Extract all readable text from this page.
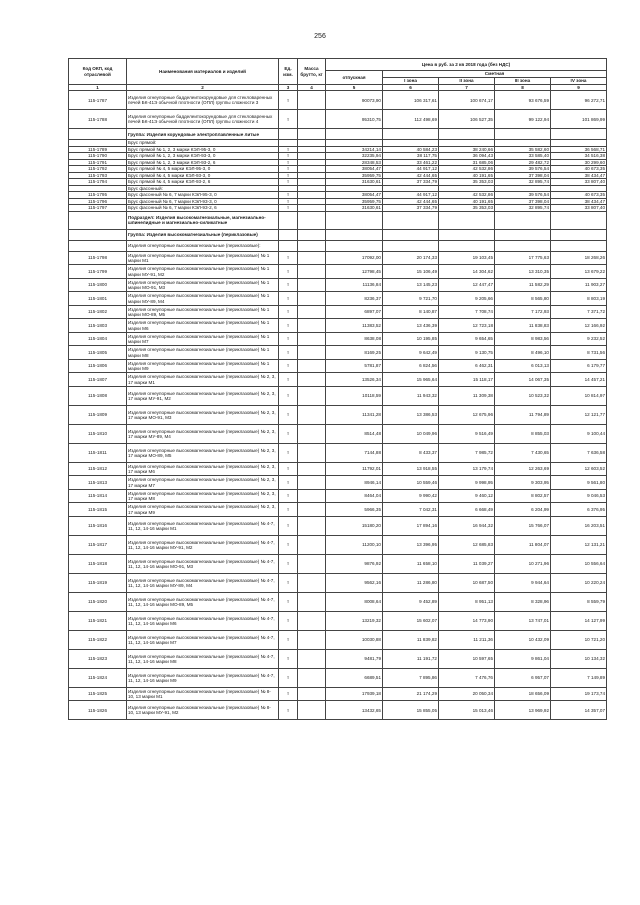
256
Код ОКП, код отраслевой	Наименования материалов и изделий	Ед. изм.	Масса брутто, кг	Цена в руб. за 2 кв 2018 года (без НДС)				
				отпускная	Сметная			
					I зона	II зона	III зона	IV зона
1	2	3	4	5	6	7	8	9
115-1787	Изделия огнеупорные бадделеитокорундовые для стекловаренных печей БК-41Э обычной плотности (ОПЛ) группы сложности 3	т		90073,90	106 317,61	100 674,17	93 676,59	96 272,71
115-1788	Изделия огнеупорные бадделеитокорундовые для стекловаренных печей БК-41Э обычной плотности (ОПЛ) группы сложности 4	т		95310,75	112 498,69	106 527,35	99 122,94	101 869,99
	Группа: Изделия корундовые электроплавленные литые							
	Брус прямой:							
115-1789	Брус прямой № 1, 2, 3 марки КЭЛ-95-3, 0	т		34214,14	40 584,23	38 240,66	35 582,60	36 568,71
115-1790	Брус прямой № 1, 2, 3 марки КЭЛ-93-3, 0	т		32235,94	38 117,75	36 094,43	33 585,40	34 516,38
115-1791	Брус прямой № 1, 2, 3 марки КЭЛ-93-2, 6	т		28348,53	33 461,22	31 685,06	29 482,72	30 299,60
115-1792	Брус прямой № 4, 5 марки КЭЛ-95-3, 0	т		38054,47	44 917,12	42 532,86	39 576,54	40 673,35
115-1793	Брус прямой № 4, 5 марки КЭЛ-93-3, 0	т		35959,75	42 444,65	40 191,65	37 398,04	38 434,47
115-1794	Брус прямой № 4, 5 марки КЭЛ-93-2, 6	т		31630,61	37 334,79	35 353,03	32 895,74	33 807,40
	Брус фасонный:							
115-1795	Брус фасонный № 6, 7 марки КЭЛ-95-3, 0	т		38054,47	44 917,12	42 532,86	39 576,54	40 673,35
115-1796	Брус фасонный № 6, 7 марки КЭЛ-93-3, 0	т		35959,75	42 444,65	40 191,65	37 398,04	38 434,47
115-1797	Брус фасонный № 6, 7 марки КЭЛ-93-2, 6	т		31630,61	37 334,79	35 353,03	32 895,74	33 807,40
	Подраздел: Изделия высокомагнезиальные, магнезиально-шпинелидные и магнезиально-силикатные							
	Группа: Изделия высокомагнезиальные (периклазовые)							
	Изделия огнеупорные высокомагнезиальные (периклазовые):							
115-1798	Изделия огнеупорные высокомагнезиальные (периклазовые) № 1 марки М1	т		17092,00	20 174,33	19 103,45	17 775,63	18 268,26
115-1799	Изделия огнеупорные высокомагнезиальные (периклазовые) № 1 марки МУ-91, М2	т		12798,45	15 106,49	14 304,62	13 310,35	13 679,22
115-1800	Изделия огнеупорные высокомагнезиальные (периклазовые) № 1 марки МО-91, М3	т		11136,84	13 145,23	12 447,47	11 582,29	11 903,27
115-1801	Изделия огнеупорные высокомагнезиальные (периклазовые) № 1 марки МУ-89, М4	т		8236,37	9 721,70	9 205,66	8 565,80	8 803,19
115-1802	Изделия огнеупорные высокомагнезиальные (периклазовые) № 1 марки МО-89, М5	т		6897,07	8 140,87	7 708,74	7 172,93	7 371,72
115-1803	Изделия огнеупорные высокомагнезиальные (периклазовые) № 1 марки М6	т		11383,52	13 436,39	12 723,18	11 838,83	12 166,92
115-1804	Изделия огнеупорные высокомагнезиальные (периклазовые) № 1 марки М7	т		8638,08	10 195,85	9 654,65	8 983,56	9 232,52
115-1805	Изделия огнеупорные высокомагнезиальные (периклазовые) № 1 марки М8	т		8169,25	9 642,49	9 130,75	8 496,10	8 731,56
115-1806	Изделия огнеупорные высокомагнезиальные (периклазовые) № 1 марки М9	т		5781,87	6 824,56	6 462,31	6 013,13	6 179,77
115-1807	Изделия огнеупорные высокомагнезиальные (периклазовые) № 2, 3, 17 марки М1	т		13526,34	15 965,64	15 118,17	14 067,35	14 457,21
115-1808	Изделия огнеупорные высокомагнезиальные (периклазовые) № 2, 3, 17 марки МУ-91, М2	т		10118,59	11 943,32	11 309,38	10 523,32	10 814,97
115-1809	Изделия огнеупорные высокомагнезиальные (периклазовые) № 2, 3, 17 марки МО-91, М3	т		11341,28	13 386,53	12 675,96	11 794,89	12 121,77
115-1810	Изделия огнеупорные высокомагнезиальные (периклазовые) № 2, 3, 17 марки МУ-89, М4	т		8514,48	10 049,96	9 516,49	8 855,03	9 100,44
115-1811	Изделия огнеупорные высокомагнезиальные (периклазовые) № 2, 3, 17 марки МО-89, М5	т		7144,88	8 433,37	7 985,72	7 430,65	7 636,58
115-1812	Изделия огнеупорные высокомагнезиальные (периклазовые) № 2, 3, 17 марки М6	т		11792,01	13 918,55	13 179,74	12 263,69	12 603,52
115-1813	Изделия огнеупорные высокомагнезиальные (периклазовые) № 2, 3, 17 марки М7	т		8946,14	10 559,46	9 998,95	9 303,95	9 561,80
115-1814	Изделия огнеупорные высокомагнезиальные (периклазовые) № 2, 3, 17 марки М8	т		8464,04	9 990,42	9 460,12	8 802,57	9 046,53
115-1815	Изделия огнеупорные высокомагнезиальные (периклазовые) № 2, 3, 17 марки М9	т		5966,35	7 042,31	6 668,49	6 204,99	6 376,95
115-1816	Изделия огнеупорные высокомагнезиальные (периклазовые) № 4-7, 11, 12, 14-16 марки М1	т		15180,20	17 894,16	16 944,32	15 766,07	16 203,51
115-1817	Изделия огнеупорные высокомагнезиальные (периклазовые) № 4-7, 11, 12, 14-16 марки МУ-91, М2	т		11200,10	13 396,95	12 685,83	11 804,07	12 131,21
115-1818	Изделия огнеупорные высокомагнезиальные (периклазовые) № 4-7, 11, 12, 14-16 марки МО-91, М3	т		9876,92	11 658,10	11 039,27	10 271,96	10 556,64
115-1819	Изделия огнеупорные высокомагнезиальные (периклазовые) № 4-7, 11, 12, 14-16 марки МУ-89, М4	т		9562,16	11 286,80	10 687,50	9 944,64	10 220,24
115-1820	Изделия огнеупорные высокомагнезиальные (периклазовые) № 4-7, 11, 12, 14-16 марки МО-89, М5	т		8008,64	9 452,89	8 951,13	8 328,96	8 559,79
115-1821	Изделия огнеупорные высокомагнезиальные (периклазовые) № 4-7, 11, 12, 14-16 марки М6	т		13219,32	15 602,07	14 773,90	13 747,01	14 127,99
115-1822	Изделия огнеупорные высокомагнезиальные (периклазовые) № 4-7, 11, 12, 14-16 марки М7	т		10030,88	11 839,82	11 211,36	10 432,09	10 721,20
115-1823	Изделия огнеупорные высокомагнезиальные (периклазовые) № 4-7, 11, 12, 14-16 марки М8	т		9481,79	11 191,72	10 597,65	9 861,04	10 134,32
115-1824	Изделия огнеупорные высокомагнезиальные (периклазовые) № 4-7, 11, 12, 14-16 марки М9	т		6689,51	7 895,86	7 476,76	6 957,07	7 149,89
115-1825	Изделия огнеупорные высокомагнезиальные (периклазовые) № 8-10, 13 марки М1	т		17939,18	21 174,29	20 050,34	18 656,09	19 173,74
115-1826	Изделия огнеупорные высокомагнезиальные (периклазовые) № 8-10, 13 марки МУ-91, М2	т		13432,65	15 855,05	15 013,46	13 969,92	14 357,07
